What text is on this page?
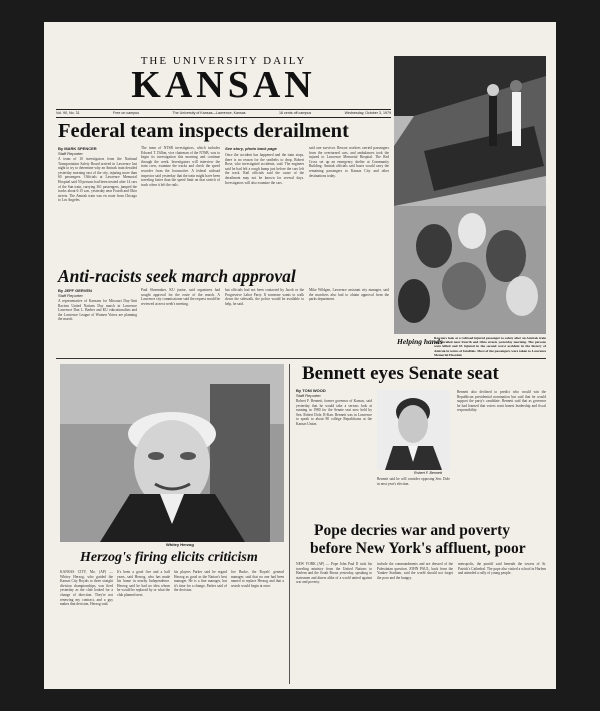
THE UNIVERSITY DAILY
KANSAN
Vol. 90, No. 31	Free on campus	The University of Kansas—Lawrence, Kansas	16 cents off campus	Wednesday, October 3, 1979
Federal team inspects derailment
By MARK SPENCER
Staff Reporter
A team of 10 investigators from the National Transportation Safety Board arrived in Lawrence last night to try to determine why an Amtrak train derailed yesterday morning east of the city, injuring more than 60 passengers. Officials at Lawrence Memorial Hospital said 50 persons had been treated after 14 cars of the Sun train, carrying 361 passengers, jumped the tracks about 6:15 a.m. yesterday near Fourth and Ohio streets. The Amtrak train was en route from Chicago to Los Angeles.
The team of NTSB investigators, which includes Edward T. Dillon, vice chairman of the NTSB, was to begin its investigation this morning and continue through the week. Investigators will interview the train crew, examine the tracks and check the speed recorder from the locomotive. A federal railroad inspector said yesterday that the train might have been traveling faster than the speed limit on that stretch of track when it left the rails.
See story, photo back page
Once the accident has happened and the train stops, there is no reason for the seatbelts to drop, Robert Rose, who investigated accidents, said. The engineer said he had felt a rough bump just before the cars left the track. Rail officials said the cause of the derailment may not be known for several days. Investigators will also examine the cars.
said one survivor. Rescue workers carried passengers from the overturned cars, and ambulances took the injured to Lawrence Memorial Hospital. The Red Cross set up an emergency shelter at Community Building. Amtrak officials said buses would carry the remaining passengers to Kansas City and other destinations today.
Helping hands
Rescuers look at a railroad injured passenger to safety after an Amtrak train was derailed near Fourth and Ohio streets yesterday morning. The persons were killed and 65 injured in the second worst accident in the history of Amtrak in terms of fatalities. Most of the passengers were taken to Lawrence Memorial Hospital.
Anti-racists seek march approval
By JEFF GERVEN
Staff Reporter
A representative of Kansans for Missouri Day-Anti Racism United Nations Day march in Lawrence Lawrence Dan L. Barber and KU educationalists and the Lawrence League of Women Voters are planning the march.
Paul Shoemaker, KU junior, said organizers had sought approval for the route of the march. A Lawrence city commissioner said the request would be reviewed at next week's meeting.
but officials had not been contacted by Jacob or the Progressive Labor Party. If someone wants to walk down the sidewalk, the police would be available to help, he said.
Mike Wildgen, Lawrence assistant city manager, said the marchers also had to obtain approval from the parks department.
Whitey Herzog
Herzog's firing elicits criticism
KANSAS CITY, Mo. (AP) — Whitey Herzog, who guided the Kansas City Royals to three straight division championships, was fired yesterday as the club looked for a change of direction. They're not renewing my contract, and a guy makes that decision, Herzog said.
It's been a good five and a half years, said Herzog, who has made his home in nearby Independence. Herzog said he had no idea whom he would be replaced by or what the club planned next.
his players Parker said he regard Herzog as good as the Nation's best manager. He is a fine manager, but it's time for a change, Parker said of the decision.
Joe Burke, the Royals' general manager, said that no one had been named to replace Herzog and that a search would begin at once.
Bennett eyes Senate seat
By TONI WOOD
Staff Reporter
Robert F. Bennett, former governor of Kansas, said yesterday that he would take a serious look at running in 1980 for the Senate seat now held by Sen. Robert Dole, R-Kan. Bennett was in Lawrence to speak to about 80 college Republicans at the Kansas Union.
Robert F. Bennett
Bennett said he will consider opposing Sen. Dole in next year's election.
Bennett also declined to predict who would win the Republican presidential nomination but said that he would support the party's candidate. Bennett said that as governor he had learned that voters want honest leadership and fiscal responsibility.
Pope decries war and poverty
before New York's affluent, poor
NEW YORK (AP) — Pope John Paul II took his traveling ministry from the United Nations to Harlem and the South Bronx yesterday, speaking to statesmen and diners alike of a world united against war and poverty.
include the commandments and are dressed of the Palestinian question. JOHN PAUL, back from the Yankee Stadium, said the world should not forget the poor and the hungry.
metropolis, the pontiff said beneath the towers of St. Patrick's Cathedral. The pope also visited a school in Harlem and attended a rally of young people.
